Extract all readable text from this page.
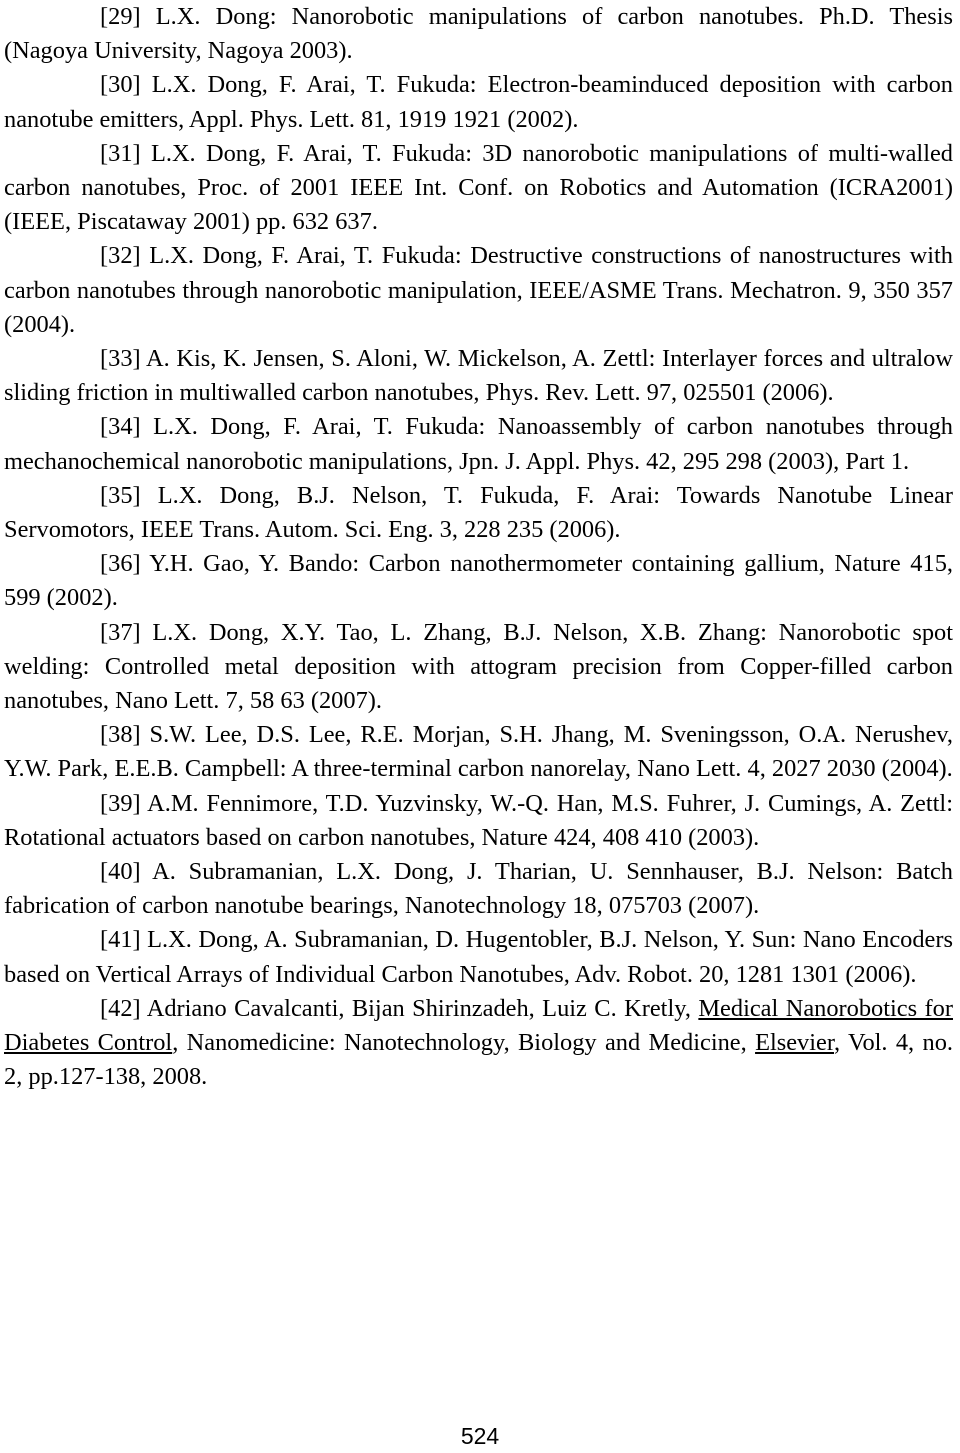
[29] L.X. Dong: Nanorobotic manipulations of carbon nanotubes. Ph.D. Thesis (Nagoya University, Nagoya 2003).

[30] L.X. Dong, F. Arai, T. Fukuda: Electron-beaminduced deposition with carbon nanotube emitters, Appl. Phys. Lett. 81, 1919 1921 (2002).

[31] L.X. Dong, F. Arai, T. Fukuda: 3D nanorobotic manipulations of multi-walled carbon nanotubes, Proc. of 2001 IEEE Int. Conf. on Robotics and Automation (ICRA2001) (IEEE, Piscataway 2001) pp. 632 637.

[32] L.X. Dong, F. Arai, T. Fukuda: Destructive constructions of nanostructures with carbon nanotubes through nanorobotic manipulation, IEEE/ASME Trans. Mechatron. 9, 350 357 (2004).

[33] A. Kis, K. Jensen, S. Aloni, W. Mickelson, A. Zettl: Interlayer forces and ultralow sliding friction in multiwalled carbon nanotubes, Phys. Rev. Lett. 97, 025501 (2006).

[34] L.X. Dong, F. Arai, T. Fukuda: Nanoassembly of carbon nanotubes through mechanochemical nanorobotic manipulations, Jpn. J. Appl. Phys. 42, 295 298 (2003), Part 1.

[35] L.X. Dong, B.J. Nelson, T. Fukuda, F. Arai: Towards Nanotube Linear Servomotors, IEEE Trans. Autom. Sci. Eng. 3, 228 235 (2006).

[36] Y.H. Gao, Y. Bando: Carbon nanothermometer containing gallium, Nature 415, 599 (2002).

[37] L.X. Dong, X.Y. Tao, L. Zhang, B.J. Nelson, X.B. Zhang: Nanorobotic spot welding: Controlled metal deposition with attogram precision from Copper-filled carbon nanotubes, Nano Lett. 7, 58 63 (2007).

[38] S.W. Lee, D.S. Lee, R.E. Morjan, S.H. Jhang, M. Sveningsson, O.A. Nerushev, Y.W. Park, E.E.B. Campbell: A three-terminal carbon nanorelay, Nano Lett. 4, 2027 2030 (2004).

[39] A.M. Fennimore, T.D. Yuzvinsky, W.-Q. Han, M.S. Fuhrer, J. Cumings, A. Zettl: Rotational actuators based on carbon nanotubes, Nature 424, 408 410 (2003).

[40] A. Subramanian, L.X. Dong, J. Tharian, U. Sennhauser, B.J. Nelson: Batch fabrication of carbon nanotube bearings, Nanotechnology 18, 075703 (2007).

[41] L.X. Dong, A. Subramanian, D. Hugentobler, B.J. Nelson, Y. Sun: Nano Encoders based on Vertical Arrays of Individual Carbon Nanotubes, Adv. Robot. 20, 1281 1301 (2006).

[42] Adriano Cavalcanti, Bijan Shirinzadeh, Luiz C. Kretly, Medical Nanorobotics for Diabetes Control, Nanomedicine: Nanotechnology, Biology and Medicine, Elsevier, Vol. 4, no. 2, pp.127-138, 2008.

524
